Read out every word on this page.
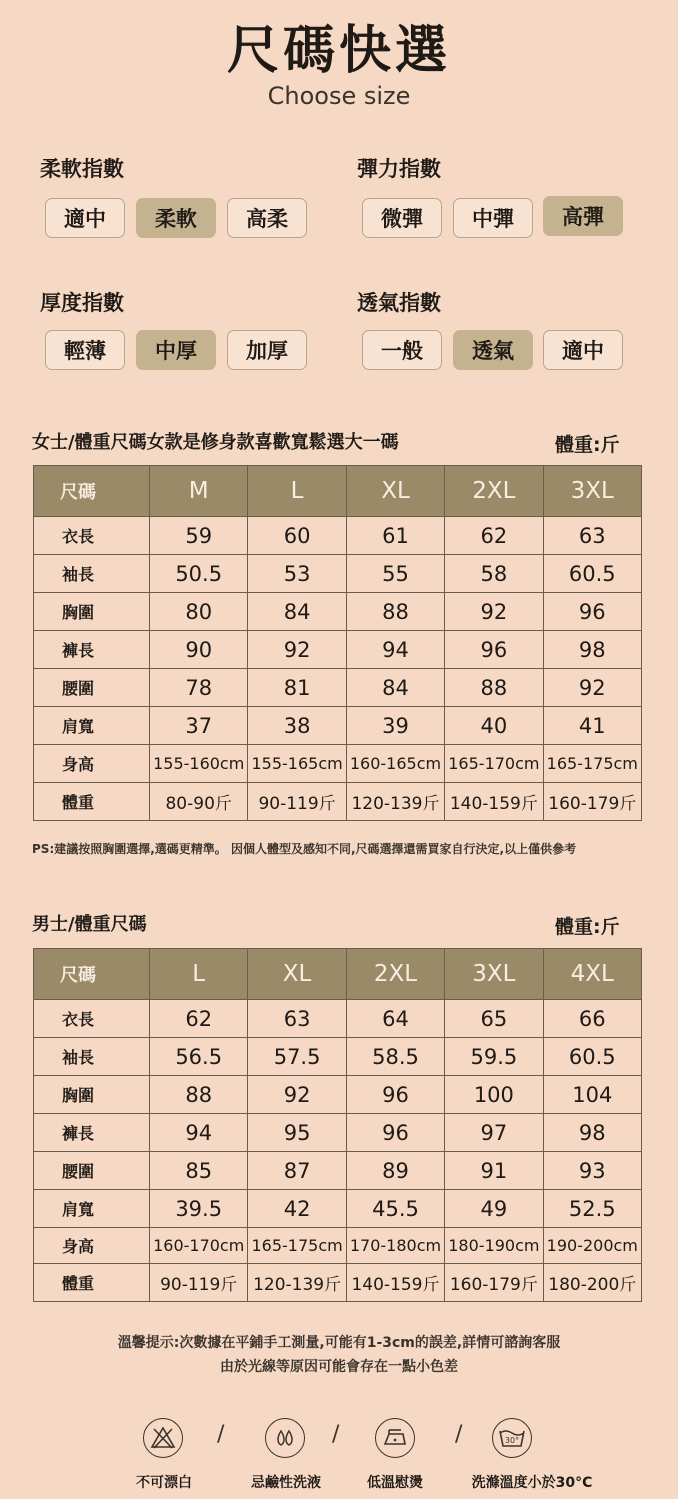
尺碼快選
Choose size
柔軟指數
適中	柔軟	高柔
彈力指數
微彈	中彈	高彈
厚度指數
輕薄	中厚	加厚
透氣指數
一般	透氣	適中
女士/體重尺碼女款是修身款喜歡寬鬆選大一碼	體重:斤
尺碼	M	L	XL	2XL	3XL
衣長	59	60	61	62	63
袖長	50.5	53	55	58	60.5
胸圍	80	84	88	92	96
褲長	90	92	94	96	98
腰圍	78	81	84	88	92
肩寬	37	38	39	40	41
身高	155-160cm	155-165cm	160-165cm	165-170cm	165-175cm
體重	80-90斤	90-119斤	120-139斤	140-159斤	160-179斤
PS:建議按照胸圍選擇,選碼更精準。 因個人體型及感知不同,尺碼選擇還需買家自行決定,以上僅供參考
男士/體重尺碼	體重:斤
尺碼	L	XL	2XL	3XL	4XL
衣長	62	63	64	65	66
袖長	56.5	57.5	58.5	59.5	60.5
胸圍	88	92	96	100	104
褲長	94	95	96	97	98
腰圍	85	87	89	91	93
肩寬	39.5	42	45.5	49	52.5
身高	160-170cm	165-175cm	170-180cm	180-190cm	190-200cm
體重	90-119斤	120-139斤	140-159斤	160-179斤	180-200斤
溫馨提示:次數據在平鋪手工測量,可能有1-3cm的誤差,詳情可諮詢客服
由於光線等原因可能會存在一點小色差
/	/	/	30°
不可漂白	忌鹼性洗液	低溫慰燙	洗滌溫度小於30°C
